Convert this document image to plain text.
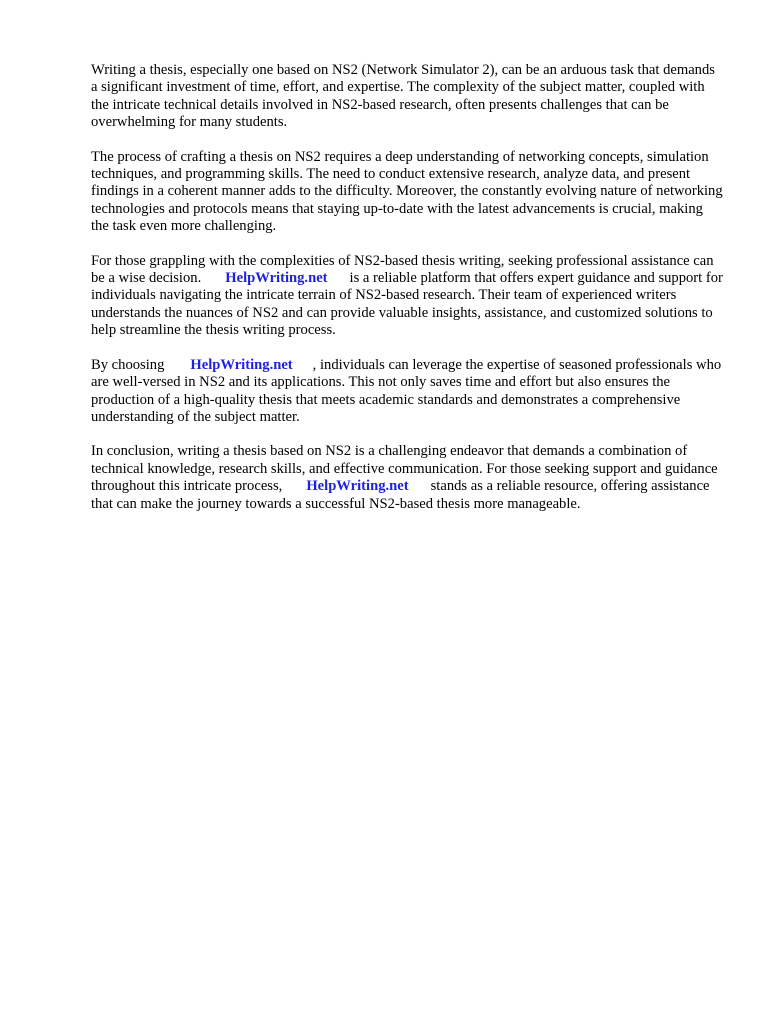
Writing a thesis, especially one based on NS2 (Network Simulator 2), can be an arduous task that demands a significant investment of time, effort, and expertise. The complexity of the subject matter, coupled with the intricate technical details involved in NS2-based research, often presents challenges that can be overwhelming for many students.

The process of crafting a thesis on NS2 requires a deep understanding of networking concepts, simulation techniques, and programming skills. The need to conduct extensive research, analyze data, and present findings in a coherent manner adds to the difficulty. Moreover, the constantly evolving nature of networking technologies and protocols means that staying up-to-date with the latest advancements is crucial, making the task even more challenging.

For those grappling with the complexities of NS2-based thesis writing, seeking professional assistance can be a wise decision. HelpWriting.net is a reliable platform that offers expert guidance and support for individuals navigating the intricate terrain of NS2-based research. Their team of experienced writers understands the nuances of NS2 and can provide valuable insights, assistance, and customized solutions to help streamline the thesis writing process.

By choosing HelpWriting.net , individuals can leverage the expertise of seasoned professionals who are well-versed in NS2 and its applications. This not only saves time and effort but also ensures the production of a high-quality thesis that meets academic standards and demonstrates a comprehensive understanding of the subject matter.

In conclusion, writing a thesis based on NS2 is a challenging endeavor that demands a combination of technical knowledge, research skills, and effective communication. For those seeking support and guidance throughout this intricate process, HelpWriting.net stands as a reliable resource, offering assistance that can make the journey towards a successful NS2-based thesis more manageable.
